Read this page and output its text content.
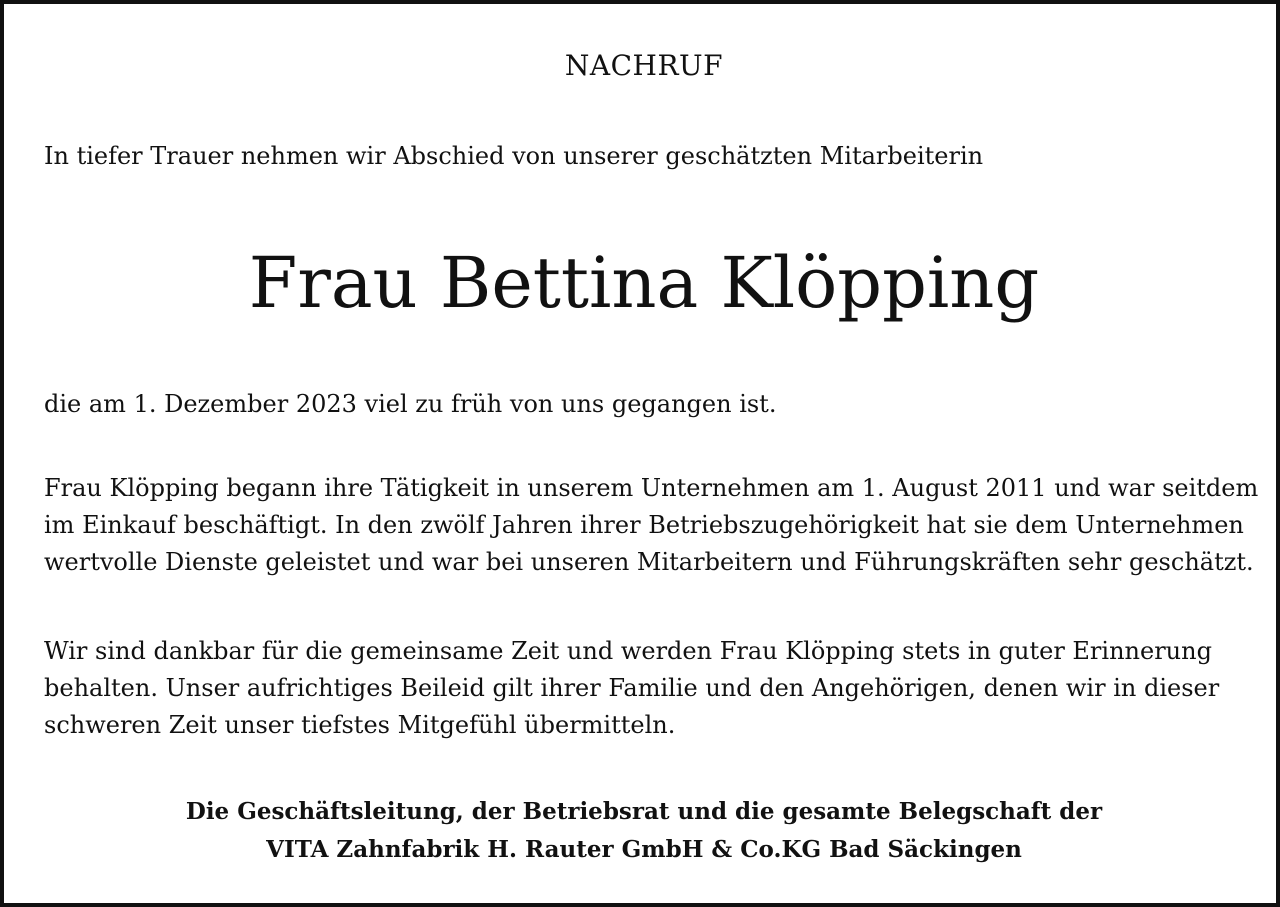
NACHRUF
In tiefer Trauer nehmen wir Abschied von unserer geschätzten Mitarbeiterin
Frau Bettina Klöpping
die am 1. Dezember 2023 viel zu früh von uns gegangen ist.
Frau Klöpping begann ihre Tätigkeit in unserem Unternehmen am 1. August 2011 und war seitdem
im Einkauf beschäftigt. In den zwölf Jahren ihrer Betriebszugehörigkeit hat sie dem Unternehmen
wertvolle Dienste geleistet und war bei unseren Mitarbeitern und Führungskräften sehr geschätzt.
Wir sind dankbar für die gemeinsame Zeit und werden Frau Klöpping stets in guter Erinnerung
behalten. Unser aufrichtiges Beileid gilt ihrer Familie und den Angehörigen, denen wir in dieser
schweren Zeit unser tiefstes Mitgefühl übermitteln.
Die Geschäftsleitung, der Betriebsrat und die gesamte Belegschaft der
VITA Zahnfabrik H. Rauter GmbH & Co.KG Bad Säckingen
